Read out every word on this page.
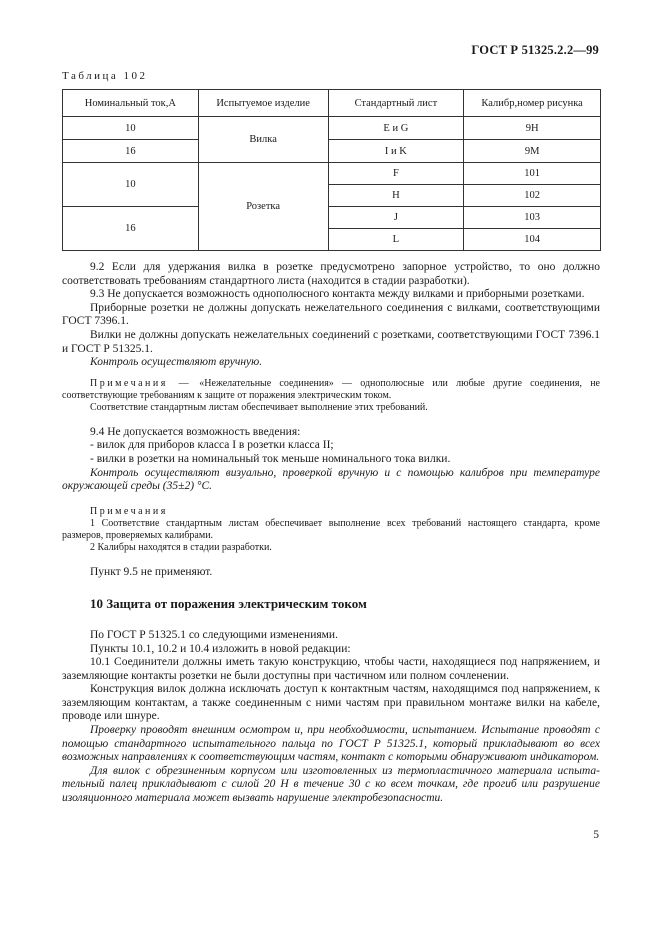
ГОСТ Р 51325.2.2—99
Таблица 102
Номинальный ток,А	Испытуемое изделие	Стандартный лист	Калибр,номер рисунка
10	Вилка	E и G	9H
16		I и K	9M
10	Розетка	F	101
		H	102
16		J	103
		L	104

9.2 Если для удержания вилка в розетке предусмотрено запорное устройство, то оно должно соответствовать требованиям стандартного листа (находится в стадии разработки).

9.3 Не допускается возможность однополюсного контакта между вилками и приборными розетками.

Приборные розетки не должны допускать нежелательного соединения с вилками, соответствующими ГОСТ 7396.1.

Вилки не должны допускать нежелательных соединений с розетками, соответствующими ГОСТ 7396.1 и ГОСТ Р 51325.1.

Контроль осуществляют вручную.

Примечания — «Нежелательные соединения» — однополюсные или любые другие соединения, не соответствующие требованиям к защите от поражения электрическим током.

Соответствие стандартным листам обеспечивает выполнение этих требований.

9.4 Не допускается возможность введения:

- вилок для приборов класса I в розетки класса II;

- вилки в розетки на номинальный ток меньше номинального тока вилки.

Контроль осуществляют визуально, проверкой вручную и с помощью калибров при температуре окружающей среды (35±2) °С.

Примечания

1 Соответствие стандартным листам обеспечивает выполнение всех требований настоящего стандарта, кроме размеров, проверяемых калибрами.

2 Калибры находятся в стадии разработки.

Пункт 9.5 не применяют.

10 Защита от поражения электрическим током

По ГОСТ Р 51325.1 со следующими изменениями.

Пункты 10.1, 10.2 и 10.4 изложить в новой редакции:

10.1 Соединители должны иметь такую конструкцию, чтобы части, находящиеся под напряжением, и заземляющие контакты розетки не были доступны при частичном или полном сочленении.

Конструкция вилок должна исключать доступ к контактным частям, находящимся под напряжением, к заземляющим контактам, а также соединенным с ними частям при правильном монтаже вилки на кабеле, проводе или шнуре.

Проверку проводят внешним осмотром и, при необходимости, испытанием. Испытание проводят с помощью стандартного испытательного пальца по ГОСТ Р 51325.1, который прикладывают во всех возможных направлениях к соответствующим частям, контакт с которыми обнаруживают индикатором.

Для вилок с обрезиненным корпусом или изготовленных из термопластичного материала испытательный палец прикладывают с силой 20 Н в течение 30 с ко всем точкам, где прогиб или разрушение изоляционного материала может вызвать нарушение электробезопасности.

5
